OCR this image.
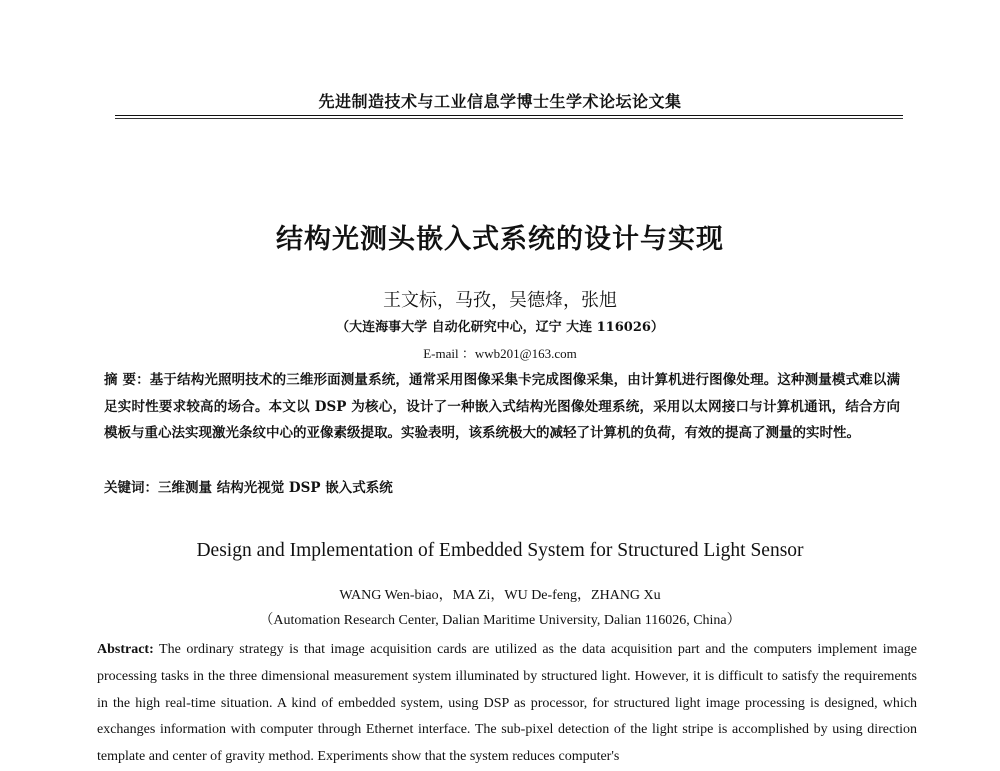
先进制造技术与工业信息学博士生学术论坛论文集
结构光测头嵌入式系统的设计与实现
王文标，马孜，吴德烽，张旭
（大连海事大学 自动化研究中心，辽宁 大连 116026）
E-mail ：wwb201@163.com
摘 要：基于结构光照明技术的三维形面测量系统，通常采用图像采集卡完成图像采集，由计算机进行图像处理。这种测量模式难以满足实时性要求较高的场合。本文以 DSP 为核心，设计了一种嵌入式结构光图像处理系统，采用以太网接口与计算机通讯，结合方向模板与重心法实现激光条纹中心的亚像素级提取。实验表明，该系统极大的减轻了计算机的负荷，有效的提高了测量的实时性。
关键词：三维测量 结构光视觉 DSP 嵌入式系统
Design and Implementation of Embedded System for Structured Light Sensor
WANG Wen-biao，MA Zi，WU De-feng，ZHANG Xu
（Automation Research Center, Dalian Maritime University, Dalian 116026, China）
Abstract: The ordinary strategy is that image acquisition cards are utilized as the data acquisition part and the computers implement image processing tasks in the three dimensional measurement system illuminated by structured light. However, it is difficult to satisfy the requirements in the high real-time situation. A kind of embedded system, using DSP as processor, for structured light image processing is designed, which exchanges information with computer through Ethernet interface. The sub-pixel detection of the light stripe is accomplished by using direction template and center of gravity method. Experiments show that the system reduces computer's
